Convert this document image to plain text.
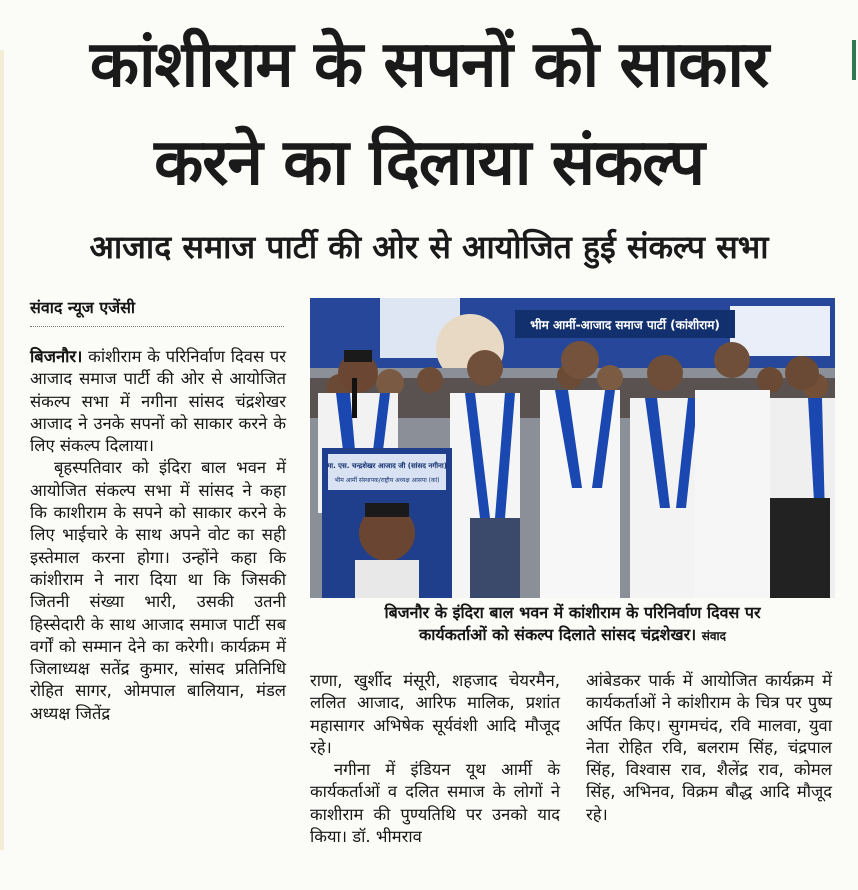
कांशीराम के सपनों को साकार
करने का दिलाया संकल्प
आजाद समाज पार्टी की ओर से आयोजित हुई संकल्प सभा
संवाद न्यूज एजेंसी

बिजनौर। कांशीराम के परिनिर्वाण दिवस पर आजाद समाज पार्टी की ओर से आयोजित संकल्प सभा में नगीना सांसद चंद्रशेखर आजाद ने उनके सपनों को साकार करने के लिए संकल्प दिलाया।

बृहस्पतिवार को इंदिरा बाल भवन में आयोजित संकल्प सभा में सांसद ने कहा कि काशीराम के सपने को साकार करने के लिए भाईचारे के साथ अपने वोट का सही इस्तेमाल करना होगा। उन्होंने कहा कि कांशीराम ने नारा दिया था कि जिसकी जितनी संख्या भारी, उसकी उतनी हिस्सेदारी के साथ आजाद समाज पार्टी सब वर्गों को सम्मान देने का करेगी। कार्यक्रम में जिलाध्यक्ष सतेंद्र कुमार, सांसद प्रतिनिधि रोहित सागर, ओमपाल बालियान, मंडल अध्यक्ष जितेंद्र

भीम आर्मी-आजाद समाज पार्टी (कांशीराम)
मा. एस. चन्द्रशेखर आजाद जी (सांसद नगीना)
भीम आर्मी संस्थापक/राष्ट्रीय अध्यक्ष आसपा (कां)
बिजनौर के इंदिरा बाल भवन में कांशीराम के परिनिर्वाण दिवस पर
कार्यकर्ताओं को संकल्प दिलाते सांसद चंद्रशेखर। संवाद

राणा, खुर्शीद मंसूरी, शहजाद चेयरमैन, ललित आजाद, आरिफ मालिक, प्रशांत महासागर अभिषेक सूर्यवंशी आदि मौजूद रहे।

नगीना में इंडियन यूथ आर्मी के कार्यकर्ताओं व दलित समाज के लोगों ने काशीराम की पुण्यतिथि पर उनको याद किया। डॉ. भीमराव

आंबेडकर पार्क में आयोजित कार्यक्रम में कार्यकर्ताओं ने कांशीराम के चित्र पर पुष्प अर्पित किए। सुगमचंद, रवि मालवा, युवा नेता रोहित रवि, बलराम सिंह, चंद्रपाल सिंह, विश्वास राव, शैलेंद्र राव, कोमल सिंह, अभिनव, विक्रम बौद्ध आदि मौजूद रहे।
